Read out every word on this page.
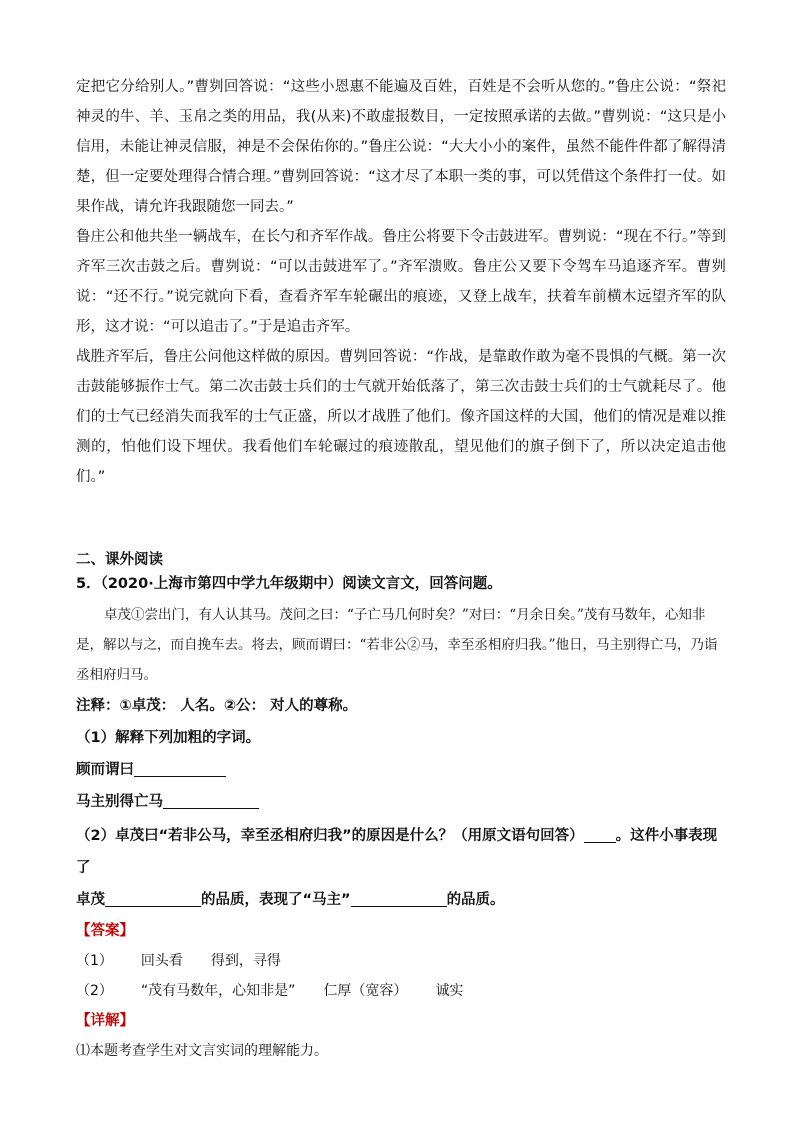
定把它分给别人。”曹刿回答说：“这些小恩惠不能遍及百姓，百姓是不会听从您的。”鲁庄公说：“祭祀神灵的牛、羊、玉帛之类的用品，我(从来)不敢虚报数目，一定按照承诺的去做。”曹刿说：“这只是小信用，未能让神灵信服，神是不会保佑你的。”鲁庄公说：“大大小小的案件，虽然不能件件都了解得清楚，但一定要处理得合情合理。”曹刿回答说：“这才尽了本职一类的事，可以凭借这个条件打一仗。如果作战，请允许我跟随您一同去。”

鲁庄公和他共坐一辆战车，在长勺和齐军作战。鲁庄公将要下令击鼓进军。曹刿说：“现在不行。”等到齐军三次击鼓之后。曹刿说：“可以击鼓进军了。”齐军溃败。鲁庄公又要下令驾车马追逐齐军。曹刿说：“还不行。”说完就向下看，查看齐军车轮碾出的痕迹，又登上战车，扶着车前横木远望齐军的队形，这才说：“可以追击了。”于是追击齐军。

战胜齐军后，鲁庄公问他这样做的原因。曹刿回答说：“作战，是靠敢作敢为毫不畏惧的气概。第一次击鼓能够振作士气。第二次击鼓士兵们的士气就开始低落了，第三次击鼓士兵们的士气就耗尽了。他们的士气已经消失而我军的士气正盛，所以才战胜了他们。像齐国这样的大国，他们的情况是难以推测的，怕他们设下埋伏。我看他们车轮碾过的痕迹散乱，望见他们的旗子倒下了，所以决定追击他们。”

二、课外阅读

5．（2020·上海市第四中学九年级期中）阅读文言文，回答问题。

卓茂①尝出门，有人认其马。茂问之曰：“子亡马几何时矣？”对曰：“月余日矣。”茂有马数年，心知非是，解以与之，而自挽车去。将去，顾而谓曰：“若非公②马，幸至丞相府归我。”他日，马主别得亡马，乃诣丞相府归马。

注释：①卓茂： 人名。②公： 对人的尊称。

（1）解释下列加粗的字词。

顾而谓曰

马主别得亡马

（2）卓茂曰“若非公马，幸至丞相府归我”的原因是什么？（用原文语句回答） 。这件小事表现了

卓茂	的品质，表现了“马主”	的品质。

【答案】

（1） 回头看 得到，寻得

（2） “茂有马数年，心知非是” 仁厚（宽容） 诚实

【详解】

⑴本题考查学生对文言实词的理解能力。
